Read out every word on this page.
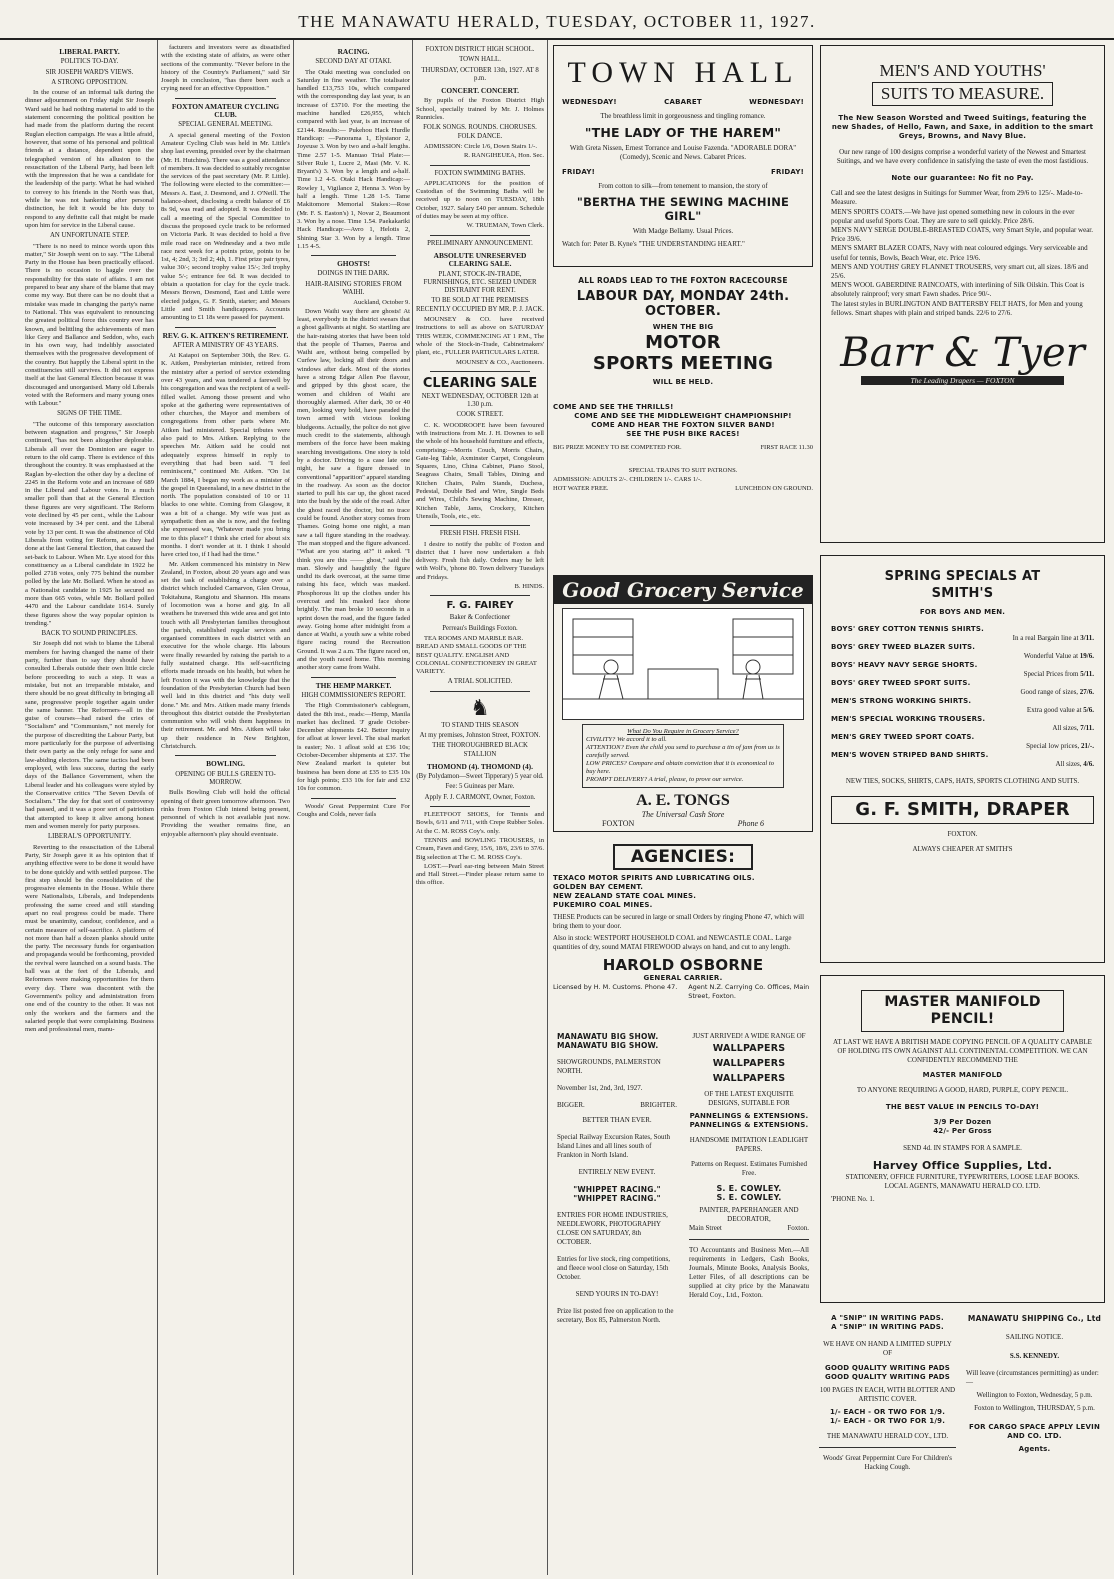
THE MANAWATU HERALD, TUESDAY, OCTOBER 11, 1927.
LIBERAL PARTY.
POLITICS TO-DAY.
SIR JOSEPH WARD'S VIEWS.
A STRONG OPPOSITION.

In the course of an informal talk during the dinner adjournment on Friday night Sir Joseph Ward said he had nothing material to add to the statement concerning the political position he had made from the platform during the recent Ruglan election campaign. He was a little afraid, however, that some of his personal and political friends at a distance, dependent upon the telegraphed version of his allusion to the resuscitation of the Liberal Party, had been left with the impression that he was a candidate for the leadership of the party. What he had wished to convey to his friends in the North was that, while he was not hankering after personal distinction, he felt it would be his duty to respond to any definite call that might be made upon him for service in the Liberal cause.

AN UNFORTUNATE STEP.

"There is no need to mince words upon this matter," Sir Joseph went on to say. "The Liberal Party in the House has been practically effaced. There is no occasion to haggle over the responsibility for this state of affairs. I am not prepared to bear any share of the blame that may come my way. But there can be no doubt that a mistake was made in changing the party's name to National. This was equivalent to renouncing the greatest political force this country ever has known, and belittling the achievements of men like Grey and Ballance and Seddon, who, each in his own way, had indelibly associated themselves with the progressive development of the country. But happily the Liberal spirit in the constituencies still survives. It did not express itself at the last General Election because it was discouraged and unorganised. Many old Liberals voted with the Reformers and many young ones with Labour."

SIGNS OF THE TIME.

"The outcome of this temporary association between stagnation and progress," Sir Joseph continued, "has not been altogether deplorable. Liberals all over the Dominion are eager to return to the old camp. There is evidence of this throughout the country. It was emphasised at the Raglan by-election the other day by a decline of 2245 in the Reform vote and an increase of 689 in the Liberal and Labour votes. In a much smaller poll than that at the General Election these figures are very significant. The Reform vote declined by 45 per cent., while the Labour vote increased by 34 per cent. and the Liberal vote by 13 per cent. It was the abstinence of Old Liberals from voting for Reform, as they had done at the last General Election, that caused the set-back to Labour. When Mr. Lye stood for this constituency as a Liberal candidate in 1922 he polled 2718 votes, only 775 behind the number polled by the late Mr. Bollard. When he stood as a Nationalist candidate in 1925 he secured no more than 665 votes, while Mr. Bollard polled 4470 and the Labour candidate 1614. Surely these figures show the way popular opinion is trending."

BACK TO SOUND PRINCIPLES.

Sir Joseph did not wish to blame the Liberal members for having changed the name of their party, further than to say they should have consulted Liberals outside their own little circle before proceeding to such a step. It was a mistake, but not an irreparable mistake, and there should be no great difficulty in bringing all sane, progressive people together again under the same banner. The Reformers—all in the guise of courses—had raised the cries of "Socialism" and "Communism," not merely for the purpose of discrediting the Labour Party, but more particularly for the purpose of advertising their own party as the only refuge for sane and law-abiding electors. The same tactics had been employed, with less success, during the early days of the Ballance Government, when the Liberal leader and his colleagues were styled by the Conservative critics "The Seven Devils of Socialism." The day for that sort of controversy had passed, and it was a poor sort of patriotism that attempted to keep it alive among honest men and women merely for party purposes.

LIBERAL'S OPPORTUNITY.

Reverting to the resuscitation of the Liberal Party, Sir Joseph gave it as his opinion that if anything effective were to be done it would have to be done quickly and with settled purpose. The first step should be the consolidation of the progressive elements in the House. While there were Nationalists, Liberals, and Independents professing the same creed and still standing apart no real progress could be made. There must be unanimity, candour, confidence, and a certain measure of self-sacrifice. A platform of not more than half a dozen planks should unite the party. The necessary funds for organisation and propaganda would be forthcoming, provided the revival were launched on a sound basis. The ball was at the feet of the Liberals, and Reformers were making opportunities for them every day. There was discontent with the Government's policy and administration from one end of the country to the other. It was not only the workers and the farmers and the salaried people that were complaining. Business men and professional men, manu-

facturers and investors were as dissatisfied with the existing state of affairs, as were other sections of the community. "Never before in the history of the Country's Parliament," said Sir Joseph in conclusion, "has there been such a crying need for an effective Opposition."

FOXTON AMATEUR CYCLING CLUB.
SPECIAL GENERAL MEETING.

A special general meeting of the Foxton Amateur Cycling Club was held in Mr. Little's shop last evening, presided over by the chairman (Mr. H. Hutchins). There was a good attendance of members. It was decided to suitably recognise the services of the past secretary (Mr. P. Little). The following were elected to the committee:—Messrs A. East, J. Desmond, and J. O'Neill. The balance-sheet, disclosing a credit balance of £6 8s 9d, was read and adopted. It was decided to call a meeting of the Special Committee to discuss the proposed cycle track to be reformed on Victoria Park. It was decided to hold a five mile road race on Wednesday and a two mile race next week for a points prize, points to be 1st, 4; 2nd, 3; 3rd 2; 4th, 1. First prize pair tyres, value 30/-; second trophy value 15/-; 3rd trophy value 5/-; entrance fee 6d. It was decided to obtain a quotation for clay for the cycle track. Messrs Brown, Desmond, East and Little were elected judges, G. F. Smith, starter; and Messrs Little and Smith handicappers. Accounts amounting to £1 18s were passed for payment.

REV. G. K. AITKEN'S RETIREMENT.
AFTER A MINISTRY OF 43 YEARS.

At Kaiapoi on September 30th, the Rev. G. K. Aitken, Presbyterian minister, retired from the ministry after a period of service extending over 43 years, and was tendered a farewell by his congregation and was the recipient of a well-filled wallet. Among those present and who spoke at the gathering were representatives of other churches, the Mayor and members of congregations from other parts where Mr. Aitken had ministered. Special tributes were also paid to Mrs. Aitken. Replying to the speeches Mr. Aitken said he could not adequately express himself in reply to everything that had been said. "I feel reminiscent," continued Mr. Aitken. "On 1st March 1884, I began my work as a minister of the gospel in Queensland, in a new district in the north. The population consisted of 10 or 11 blacks to one white. Coming from Glasgow, it was a bit of a change. My wife was just as sympathetic then as she is now, and the feeling she expressed was, 'Whatever made you bring me to this place?' I think she cried for about six months. I don't wonder at it. I think I should have cried too, if I had had the time."

Mr. Aitken commenced his ministry in New Zealand, in Foxton, about 20 years ago and was set the task of establishing a charge over a district which included Carnarvon, Glen Oroua, Tokitahuna, Rangiotu and Shannon. His means of locomotion was a horse and gig. In all weathers he traversed this wide area and got into touch with all Presbyterian families throughout the parish, established regular services and organised committees in each district with an executive for the whole charge. His labours were finally rewarded by raising the parish to a fully sustained charge. His self-sacrificing efforts made inroads on his health, but when he left Foxton it was with the knowledge that the foundation of the Presbyterian Church had been well laid in this district and "his duty well done." Mr. and Mrs. Aitken made many friends throughout this district outside the Presbyterian communion who will wish them happiness in their retirement. Mr. and Mrs. Aitken will take up their residence in New Brighton, Christchurch.

BOWLING.
OPENING OF BULLS GREEN TO-MORROW.

Bulls Bowling Club will hold the official opening of their green tomorrow afternoon. Two rinks from Foxton Club intend being present, personnel of which is not available just now. Providing the weather remains fine, an enjoyable afternoon's play should eventuate.

RACING.
SECOND DAY AT OTAKI.

The Otaki meeting was concluded on Saturday in fine weather. The totalisator handled £13,753 10s, which compared with the corresponding day last year, is an increase of £3710. For the meeting the machine handled £26,955, which compared with last year, is an increase of £2144. Results:— Pukehou Hack Hurdle Handicap: —Panorama 1, Elysianor 2, Joyeuse 3. Won by two and a-half lengths. Time 2.57 1-5. Manuao Trial Plate:—Silver Rule 1, Lucre 2, Masi (Mr. V. K. Bryant's) 3. Won by a length and a-half. Time 1.2 4-5. Otaki Hack Handicap:—Rowley 1, Vigilance 2, Henna 3. Won by half a length. Time 1.28 1-5. Tame Makitomore Memorial Stakes:—Rose (Mr. F. S. Easton's) 1, Novar 2, Beaumont 3. Won by a nose. Time 1.54. Paekakariki Hack Handicap:—Avro 1, Helotis 2, Shining Star 3. Won by a length. Time 1.15 4-5.

GHOSTS!
DOINGS IN THE DARK.
HAIR-RAISING STORIES FROM WAIHI.
Auckland, October 9.

Down Waihi way there are ghosts! At least, everybody in the district swears that a ghost gallivants at night. So startling are the hair-raising stories that have been told that the people of Thames, Paeroa and Waihi are, without being compelled by Curfew law, locking all their doors and windows after dark. Most of the stories have a strong Edgar Allen Poe flavour, and gripped by this ghost scare, the women and children of Waihi are thoroughly alarmed. After dark, 30 or 40 men, looking very bold, have paraded the town armed with vicious looking bludgeons. Actually, the police do not give much credit to the statements, although members of the force have been making searching investigations. One story is told by a doctor. Driving to a case late one night, he saw a figure dressed in conventional "apparition" apparel standing in the roadway. As soon as the doctor started to pull his car up, the ghost raced into the bush by the side of the road. After the ghost raced the doctor, but no trace could be found. Another story comes from Thames. Going home one night, a man saw a tall figure standing in the roadway. The man stopped and the figure advanced. "What are you staring at?" it asked. "I think you are this —— ghost," said the man. Slowly and haughtily the figure undid its dark overcoat, at the same time raising his face, which was masked. Phosphorous lit up the clothes under his overcoat and his masked face shone brightly. The man broke 10 seconds in a sprint down the road, and the figure faded away. Going home after midnight from a dance at Waihi, a youth saw a white robed figure racing round the Recreation Ground. It was 2 a.m. The figure raced on, and the youth raced home. This morning another story came from Waihi.

THE HEMP MARKET.
HIGH COMMISSIONER'S REPORT.

The High Commissioner's cablegram, dated the 8th inst., reads:—Hemp, Manila market has declined. 'J' grade October-December shipments £42. Better inquiry for afloat at lower level. The sisal market is easier; No. 1 afloat sold at £36 10s; October-December shipments at £37. The New Zealand market is quieter but business has been done at £35 to £35 10s for high points; £33 10s for fair and £32 10s for common.

Woods' Great Peppermint Cure For Coughs and Colds, never fails

FOXTON DISTRICT HIGH SCHOOL.
TOWN HALL.
THURSDAY, OCTOBER 13th, 1927. AT 8 p.m.
CONCERT. CONCERT.

By pupils of the Foxton District High School, specially trained by Mr. J. Holmes Runnicles.

FOLK SONGS. ROUNDS. CHORUSES. FOLK DANCE.

ADMISSION: Circle 1/6, Down Stairs 1/-.

R. RANGIHEUEA, Hon. Sec.
FOXTON SWIMMING BATHS.

APPLICATIONS for the position of Custodian of the Swimming Baths will be received up to noon on TUESDAY, 18th October, 1927. Salary £40 per annum. Schedule of duties may be seen at my office.

W. TRUEMAN, Town Clerk.
PRELIMINARY ANNOUNCEMENT.
ABSOLUTE UNRESERVED CLEARING SALE.
PLANT, STOCK-IN-TRADE, FURNISHINGS, ETC. SEIZED UNDER DISTRAINT FOR RENT.
TO BE SOLD AT THE PREMISES RECENTLY OCCUPIED BY MR. P. J. JACK.

MOUNSEY & CO. have received instructions to sell as above on SATURDAY THIS WEEK, COMMENCING AT 1 P.M., The whole of the Stock-in-Trade, Cabinetmakers' plant, etc., FULLER PARTICULARS LATER.

MOUNSEY & CO., Auctioneers.
CLEARING SALE
NEXT WEDNESDAY, OCTOBER 12th at 1.30 p.m.
COOK STREET.

C. K. WOODROOFE have been favoured with instructions from Mr. J. H. Downes to sell the whole of his household furniture and effects, comprising:—Morris Couch, Morris Chairs, Gate-leg Table, Axminster Carpet, Congoleum Squares, Lino, China Cabinet, Piano Stool, Seagrass Chairs, Small Tables, Dining and Kitchen Chairs, Palm Stands, Duchess, Pedestal, Double Bed and Wire, Single Beds and Wires, Child's Sewing Machine, Dresser, Kitchen Table, Jams, Crockery, Kitchen Utensils, Tools, etc., etc.

FRESH FISH. FRESH FISH.

I desire to notify the public of Foxton and district that I have now undertaken a fish delivery. Fresh fish daily. Orders may be left with Wolf's, 'phone 80. Town delivery Tuesdays and Fridays.

B. HINDS.
F. G. FAIREY
Baker & Confectioner
Perreau's Buildings Foxton.

TEA ROOMS AND MARBLE BAR. BREAD AND SMALL GOODS OF THE BEST QUALITY. ENGLISH AND COLONIAL CONFECTIONERY IN GREAT VARIETY.

A TRIAL SOLICITED.
♞
TO STAND THIS SEASON
At my premises, Johnston Street, FOXTON.
THE THOROUGHBRED BLACK STALLION
THOMOND (4). THOMOND (4).
(By Polydamon—Sweet Tipperary) 5 year old.
Fee: 5 Guineas per Mare.
Apply F. J. CARMONT, Owner, Foxton.

FLEETFOOT SHOES, for Tennis and Bowls, 6/11 and 7/11, with Crepe Rubber Soles. At the C. M. ROSS Coy's. only.

TENNIS and BOWLING TROUSERS, in Cream, Fawn and Grey, 15/6, 18/6, 23/6 to 37/6. Big selection at The C. M. ROSS Coy's.

LOST.—Pearl ear-ring between Main Street and Hall Street.—Finder please return same to this office.

TOWN HALL
WEDNESDAY!	CABARET	WEDNESDAY!
The breathless limit in gorgeousness and tingling romance.
"THE LADY OF THE HAREM"
With Greta Nissen, Ernest Torrance and Louise Fazenda. "ADORABLE DORA" (Comedy), Scenic and News. Cabaret Prices.
FRIDAY!	FRIDAY!
From cotton to silk—from tenement to mansion, the story of
"BERTHA THE SEWING MACHINE GIRL"
With Madge Bellamy. Usual Prices.
Watch for: Peter B. Kyne's "THE UNDERSTANDING HEART."
ALL ROADS LEAD TO THE FOXTON RACECOURSE
LABOUR DAY, MONDAY 24th. OCTOBER.
WHEN THE BIG
MOTOR
SPORTS MEETING
WILL BE HELD.
COME AND SEE THE THRILLS!
COME AND SEE THE MIDDLEWEIGHT CHAMPIONSHIP!
COME AND HEAR THE FOXTON SILVER BAND!
SEE THE PUSH BIKE RACES!
BIG PRIZE MONEY TO BE COMPETED FOR.	FIRST RACE 11.30
SPECIAL TRAINS TO SUIT PATRONS.
ADMISSION: ADULTS 2/-. CHILDREN 1/-. CARS 1/-.
HOT WATER FREE.	LUNCHEON ON GROUND.
Good Grocery Service
What Do You Require in Grocery Service?
CIVILITY? We accord it to all.
ATTENTION? Even the child you send to purchase a tin of jam from us is carefully served.
LOW PRICES? Compare and obtain conviction that it is economical to buy here.
PROMPT DELIVERY? A trial, please, to prove our service.
A. E. TONGS
The Universal Cash Store
FOXTON	Phone 6
AGENCIES:
TEXACO MOTOR SPIRITS AND LUBRICATING OILS.
GOLDEN BAY CEMENT.
NEW ZEALAND STATE COAL MINES.
PUKEMIRO COAL MINES.
THESE Products can be secured in large or small Orders by ringing Phone 47, which will bring them to your door.
Also in stock: WESTPORT HOUSEHOLD COAL and NEWCASTLE COAL. Large quantities of dry, sound MATAI FIREWOOD always on hand, and cut to any length.
HAROLD OSBORNE
GENERAL CARRIER.
Licensed by H. M. Customs. Phone 47. Agent N.Z. Carrying Co. Offices, Main Street, Foxton.
MANAWATU BIG SHOW.
MANAWATU BIG SHOW.
SHOWGROUNDS, PALMERSTON NORTH.
November 1st, 2nd, 3rd, 1927.
BIGGER.	BRIGHTER.
BETTER THAN EVER.
Special Railway Excursion Rates, South Island Lines and all lines south of Frankton in North Island.
ENTIRELY NEW EVENT.
"WHIPPET RACING." "WHIPPET RACING."
ENTRIES FOR HOME INDUSTRIES, NEEDLEWORK, PHOTOGRAPHY CLOSE ON SATURDAY, 8th OCTOBER.
Entries for live stock, ring competitions, and fleece wool close on Saturday, 15th October.
SEND YOURS IN TO-DAY!
Prize list posted free on application to the secretary, Box 85, Palmerston North.
JUST ARRIVED! A WIDE RANGE OF
WALLPAPERS
WALLPAPERS
WALLPAPERS
OF THE LATEST EXQUISITE DESIGNS, SUITABLE FOR
PANNELINGS & EXTENSIONS. PANNELINGS & EXTENSIONS.
HANDSOME IMITATION LEADLIGHT PAPERS.
Patterns on Request. Estimates Furnished Free.
S. E. COWLEY.
S. E. COWLEY.
PAINTER, PAPERHANGER AND DECORATOR,
Main Street	Foxton.
TO Accountants and Business Men.—All requirements in Ledgers, Cash Books, Journals, Minute Books, Analysis Books, Letter Files, of all descriptions can be supplied at city price by the Manawatu Herald Coy., Ltd., Foxton.
MEN'S AND YOUTHS'
SUITS TO MEASURE.
The New Season Worsted and Tweed Suitings, featuring the new Shades, of Hello, Fawn, and Saxe, in addition to the smart Greys, Browns, and Navy Blue.
Our new range of 100 designs comprise a wonderful variety of the Newest and Smartest Suitings, and we have every confidence in satisfying the taste of even the most fastidious.
Note our guarantee: No fit no Pay.
Call and see the latest designs in Suitings for Summer Wear, from 29/6 to 125/-. Made-to-Measure.
MEN'S SPORTS COATS.—We have just opened something new in colours in the ever popular and useful Sports Coat. They are sure to sell quickly. Price 28/6.
MEN'S NAVY SERGE DOUBLE-BREASTED COATS, very Smart Style, and popular wear. Price 39/6.
MEN'S SMART BLAZER COATS, Navy with neat coloured edgings. Very serviceable and useful for tennis, Bowls, Beach Wear, etc. Price 19/6.
MEN'S AND YOUTHS' GREY FLANNET TROUSERS, very smart cut, all sizes. 18/6 and 25/6.
MEN'S WOOL GABERDINE RAINCOATS, with interlining of Silk Oilskin. This Coat is absolutely rainproof; very smart Fawn shades. Price 90/-.
The latest styles in BURLINGTON AND BATTERSBY FELT HATS, for Men and young fellows. Smart shapes with plain and striped bands. 22/6 to 27/6.
Barr & Tyer
The Leading Drapers — FOXTON
SPRING SPECIALS AT
SMITH'S
FOR BOYS AND MEN.
BOYS' GREY COTTON TENNIS SHIRTS.
In a real Bargain line at 3/11.
BOYS' GREY TWEED BLAZER SUITS.
Wonderful Value at 19/6.
BOYS' HEAVY NAVY SERGE SHORTS.
Special Prices from 5/11.
BOYS' GREY TWEED SPORT SUITS.
Good range of sizes, 27/6.
MEN'S STRONG WORKING SHIRTS.
Extra good value at 5/6.
MEN'S SPECIAL WORKING TROUSERS.
All sizes, 7/11.
MEN'S GREY TWEED SPORT COATS.
Special low prices, 21/-.
MEN'S WOVEN STRIPED BAND SHIRTS.
All sizes, 4/6.
NEW TIES, SOCKS, SHIRTS, CAPS, HATS, SPORTS CLOTHING AND SUITS.
G. F. SMITH, DRAPER
FOXTON.
ALWAYS CHEAPER AT SMITH'S
MASTER MANIFOLD
PENCIL!
AT LAST WE HAVE A BRITISH MADE COPYING PENCIL OF A QUALITY CAPABLE OF HOLDING ITS OWN AGAINST ALL CONTINENTAL COMPETITION. WE CAN CONFIDENTLY RECOMMEND THE
MASTER MANIFOLD
TO ANYONE REQUIRING A GOOD, HARD, PURPLE, COPY PENCIL.
THE BEST VALUE IN PENCILS TO-DAY!
3/9 Per Dozen
42/- Per Gross
SEND 4d. IN STAMPS FOR A SAMPLE.
Harvey Office Supplies, Ltd.
STATIONERY, OFFICE FURNITURE, TYPEWRITERS, LOOSE LEAF BOOKS.
LOCAL AGENTS, MANAWATU HERALD CO. LTD.
'PHONE No. 1.
A "SNIP" IN WRITING PADS.
A "SNIP" IN WRITING PADS.
WE HAVE ON HAND A LIMITED SUPPLY OF
GOOD QUALITY WRITING PADS GOOD QUALITY WRITING PADS
100 PAGES IN EACH, WITH BLOTTER AND ARTISTIC COVER.
1/- EACH - OR TWO FOR 1/9.
1/- EACH - OR TWO FOR 1/9.
THE MANAWATU HERALD COY., LTD.
Woods' Great Peppermint Cure For Children's Hacking Cough.
MANAWATU SHIPPING Co., Ltd
SAILING NOTICE.
S.S. KENNEDY.
Will leave (circumstances permitting) as under:—
Wellington to Foxton, Wednesday, 5 p.m.
Foxton to Wellington, THURSDAY, 5 p.m.
FOR CARGO SPACE APPLY LEVIN AND CO. LTD.
Agents.
